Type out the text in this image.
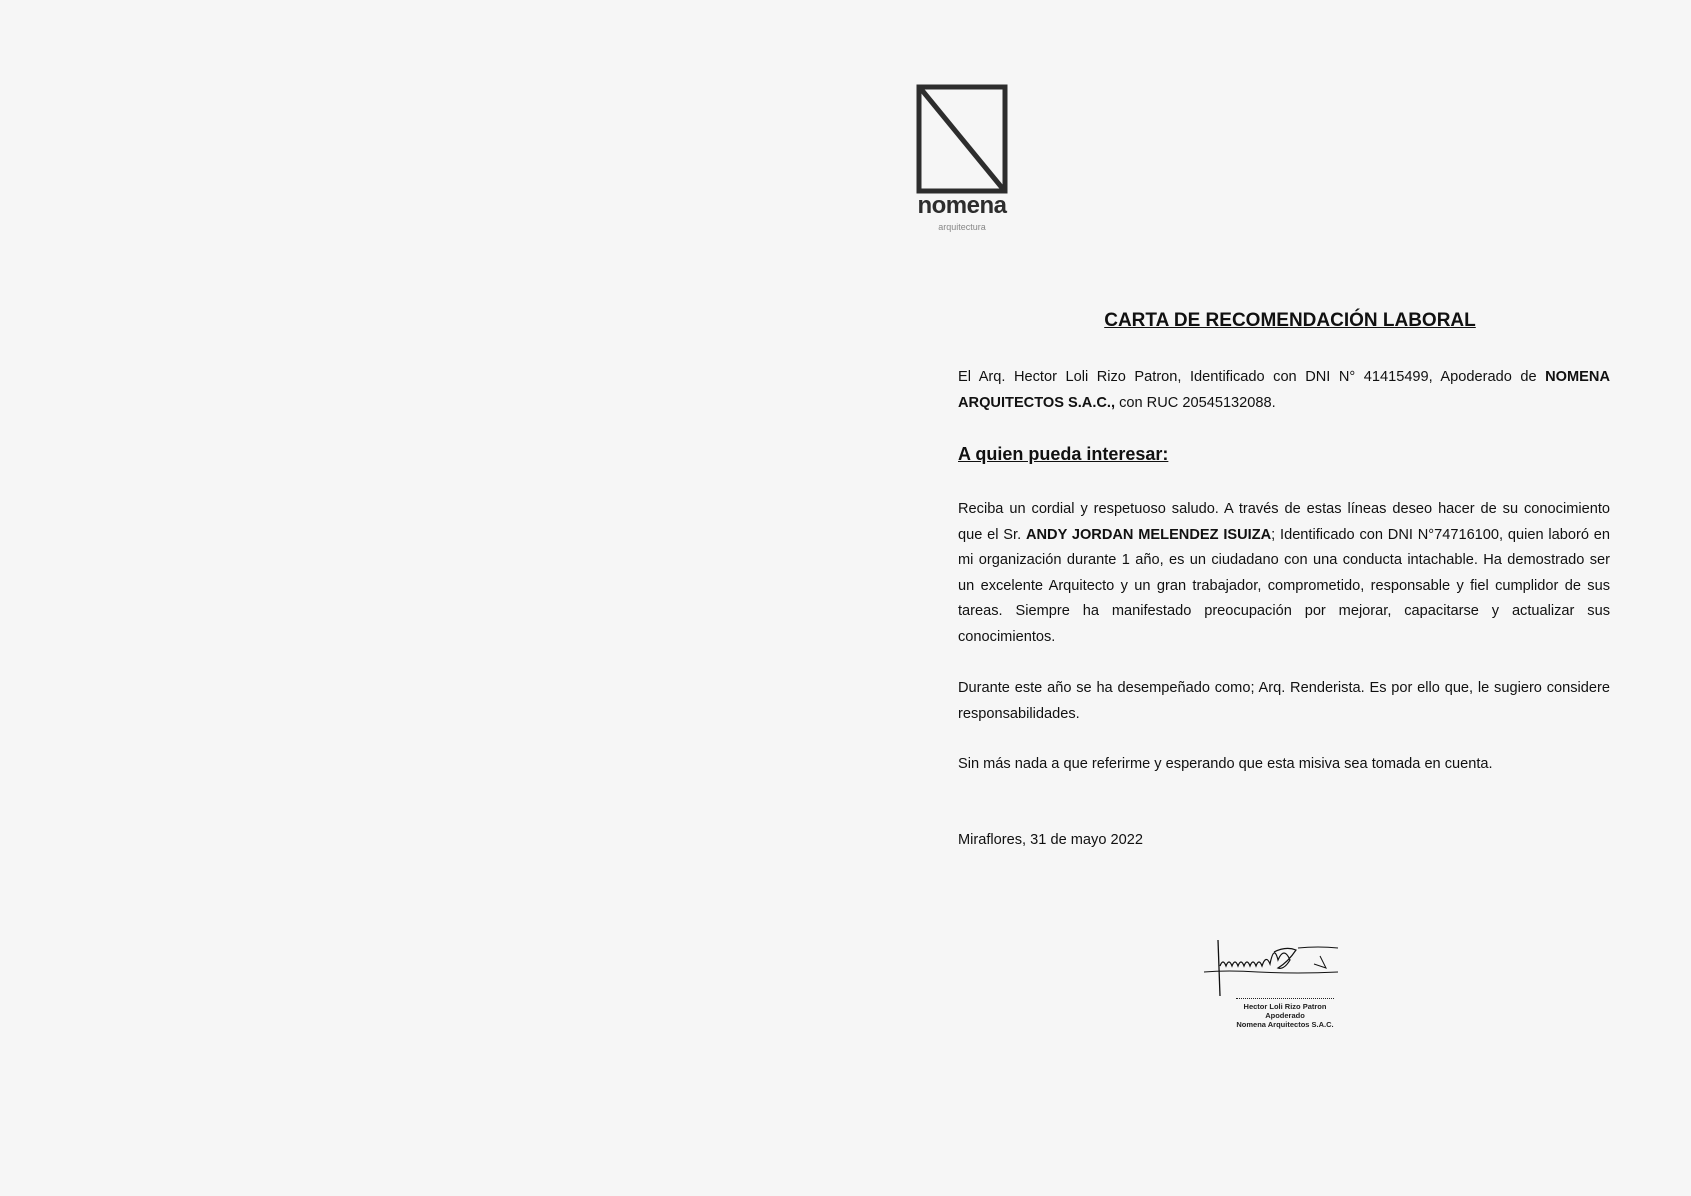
nomena
arquitectura
CARTA DE RECOMENDACIÓN LABORAL

El Arq. Hector Loli Rizo Patron, Identificado con DNI N° 41415499, Apoderado de NOMENA ARQUITECTOS S.A.C., con RUC 20545132088.

A quien pueda interesar:

Reciba un cordial y respetuoso saludo. A través de estas líneas deseo hacer de su conocimiento que el Sr. ANDY JORDAN MELENDEZ ISUIZA; Identificado con DNI N°74716100, quien laboró en mi organización durante 1 año, es un ciudadano con una conducta intachable. Ha demostrado ser un excelente Arquitecto y un gran trabajador, comprometido, responsable y fiel cumplidor de sus tareas. Siempre ha manifestado preocupación por mejorar, capacitarse y actualizar sus conocimientos.

Durante este año se ha desempeñado como; Arq. Renderista. Es por ello que, le sugiero considere responsabilidades.

Sin más nada a que referirme y esperando que esta misiva sea tomada en cuenta.

Miraflores, 31 de mayo 2022

Hector Loli Rizo Patron
Apoderado
Nomena Arquitectos S.A.C.
